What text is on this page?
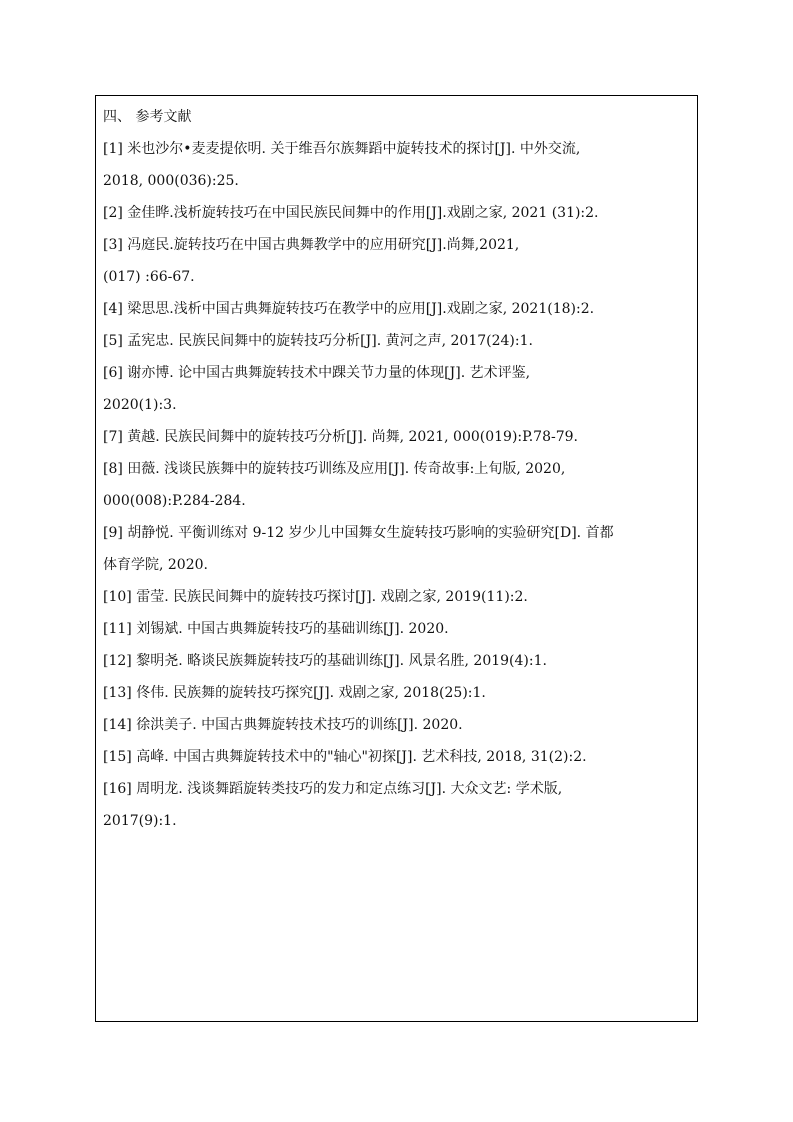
四、 参考文献
[1] 米也沙尔•麦麦提依明. 关于维吾尔族舞蹈中旋转技术的探讨[J]. 中外交流,
2018, 000(036):25.
[2] 金佳晔.浅析旋转技巧在中国民族民间舞中的作用[J].戏剧之家, 2021 (31):2.
[3] 冯庭民.旋转技巧在中国古典舞教学中的应用研究[J].尚舞,2021,
(017) :66-67.
[4] 梁思思.浅析中国古典舞旋转技巧在教学中的应用[J].戏剧之家, 2021(18):2.
[5] 孟宪忠. 民族民间舞中的旋转技巧分析[J]. 黄河之声, 2017(24):1.
[6] 谢亦博. 论中国古典舞旋转技术中踝关节力量的体现[J]. 艺术评鉴,
2020(1):3.
[7] 黄越. 民族民间舞中的旋转技巧分析[J]. 尚舞, 2021, 000(019):P.78-79.
[8] 田薇. 浅谈民族舞中的旋转技巧训练及应用[J]. 传奇故事:上旬版, 2020,
000(008):P.284-284.
[9] 胡静悦. 平衡训练对 9-12 岁少儿中国舞女生旋转技巧影响的实验研究[D]. 首都
体育学院, 2020.
[10] 雷莹. 民族民间舞中的旋转技巧探讨[J]. 戏剧之家, 2019(11):2.
[11] 刘锡斌. 中国古典舞旋转技巧的基础训练[J]. 2020.
[12] 黎明尧. 略谈民族舞旋转技巧的基础训练[J]. 风景名胜, 2019(4):1.
[13] 佟伟. 民族舞的旋转技巧探究[J]. 戏剧之家, 2018(25):1.
[14] 徐洪美子. 中国古典舞旋转技术技巧的训练[J]. 2020.
[15] 高峰. 中国古典舞旋转技术中的"轴心"初探[J]. 艺术科技, 2018, 31(2):2.
[16] 周明龙. 浅谈舞蹈旋转类技巧的发力和定点练习[J]. 大众文艺: 学术版,
2017(9):1.
